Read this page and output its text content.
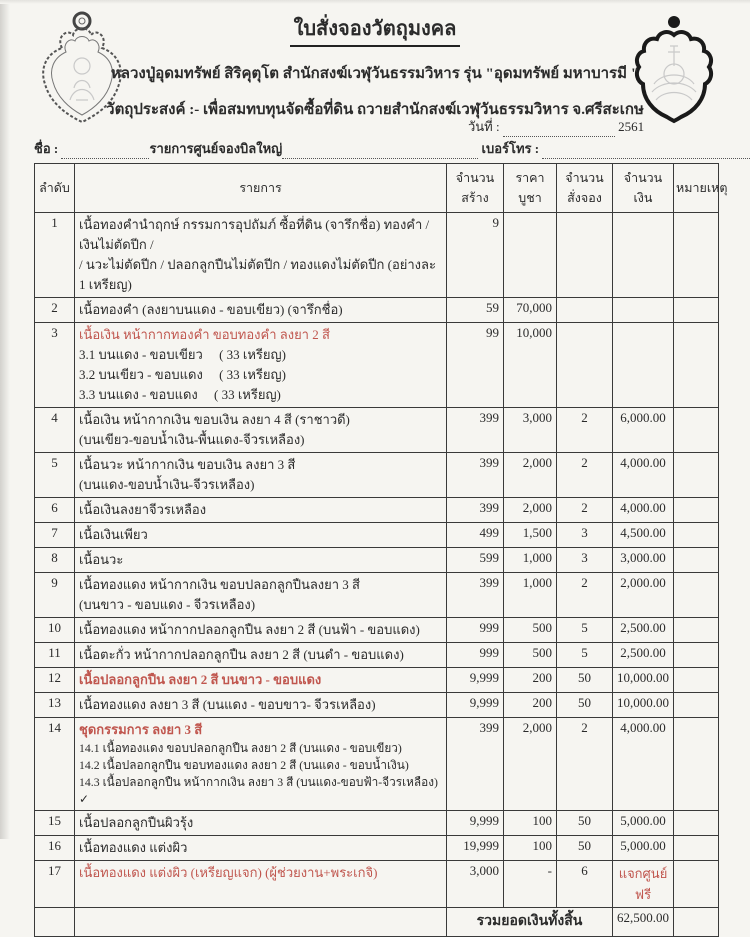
ใบสั่งจองวัตถุมงคล
หลวงปู่อุดมทรัพย์ สิริคุตุโต สำนักสงฆ์เวฬุวันธรรมวิหาร รุ่น "อุดมทรัพย์ มหาบารมี "
วัตถุประสงค์ :- เพื่อสมทบทุนจัดซื้อที่ดิน ถวายสำนักสงฆ์เวฬุวันธรรมวิหาร จ.ศรีสะเกษ
วันที่ :	2561
ชื่อ :	รายการศูนย์จองบิลใหญ่	เบอร์โทร :
ลำดับ	รายการ	จำนวนสร้าง	ราคาบูชา	จำนวนสั่งจอง	จำนวนเงิน	หมายเหตุ
1	เนื้อทองคำนำฤกษ์ กรรมการอุปถัมภ์ ซื้อที่ดิน (จารึกชื่อ) ทองคำ / เงินไม่ตัดปีก /
/ นวะไม่ตัดปีก / ปลอกลูกปืนไม่ตัดปีก / ทองแดงไม่ตัดปีก (อย่างละ 1 เหรียญ)	9				
2	เนื้อทองคำ (ลงยาบนแดง - ขอบเขียว) (จารึกชื่อ)	59	70,000			
3	เนื้อเงิน หน้ากากทองคำ ขอบทองคำ ลงยา 2 สี
3.1 บนแดง - ขอบเขียว     ( 33 เหรียญ)
3.2 บนเขียว - ขอบแดง     ( 33 เหรียญ)
3.3 บนแดง - ขอบแดง     ( 33 เหรียญ)	99	10,000			
4	เนื้อเงิน หน้ากากเงิน ขอบเงิน ลงยา 4 สี (ราชาวดี)
(บนเขียว-ขอบน้ำเงิน-พื้นแดง-จีวรเหลือง)	399	3,000	2	6,000.00	
5	เนื้อนวะ หน้ากากเงิน ขอบเงิน ลงยา 3 สี
(บนแดง-ขอบน้ำเงิน-จีวรเหลือง)	399	2,000	2	4,000.00	
6	เนื้อเงินลงยาจีวรเหลือง	399	2,000	2	4,000.00	
7	เนื้อเงินเพียว	499	1,500	3	4,500.00	
8	เนื้อนวะ	599	1,000	3	3,000.00	
9	เนื้อทองแดง หน้ากากเงิน ขอบปลอกลูกปืนลงยา 3 สี
(บนขาว - ขอบแดง - จีวรเหลือง)	399	1,000	2	2,000.00	
10	เนื้อทองแดง หน้ากากปลอกลูกปืน ลงยา 2 สี (บนฟ้า - ขอบแดง)	999	500	5	2,500.00	
11	เนื้อตะกั่ว หน้ากากปลอกลูกปืน ลงยา 2 สี (บนดำ - ขอบแดง)	999	500	5	2,500.00	
12	เนื้อปลอกลูกปืน ลงยา 2 สี บนขาว - ขอบแดง	9,999	200	50	10,000.00	
13	เนื้อทองแดง ลงยา 3 สี (บนแดง - ขอบขาว- จีวรเหลือง)	9,999	200	50	10,000.00	
14	ชุดกรรมการ ลงยา 3 สี
14.1 เนื้อทองแดง ขอบปลอกลูกปืน ลงยา 2 สี (บนแดง - ขอบเขียว)
14.2 เนื้อปลอกลูกปืน ขอบทองแดง ลงยา 2 สี (บนแดง - ขอบน้ำเงิน)
14.3 เนื้อปลอกลูกปืน หน้ากากเงิน ลงยา 3 สี (บนแดง-ขอบฟ้า-จีวรเหลือง) ✓	399	2,000	2	4,000.00	
15	เนื้อปลอกลูกปืนผิวรุ้ง	9,999	100	50	5,000.00	
16	เนื้อทองแดง แต่งผิว	19,999	100	50	5,000.00	
17	เนื้อทองแดง แต่งผิว (เหรียญแจก) (ผู้ช่วยงาน+พระเกจิ)	3,000	-	6	แจกศูนย์ฟรี	
		รวมยอดเงินทั้งสิ้น			62,500.00	
